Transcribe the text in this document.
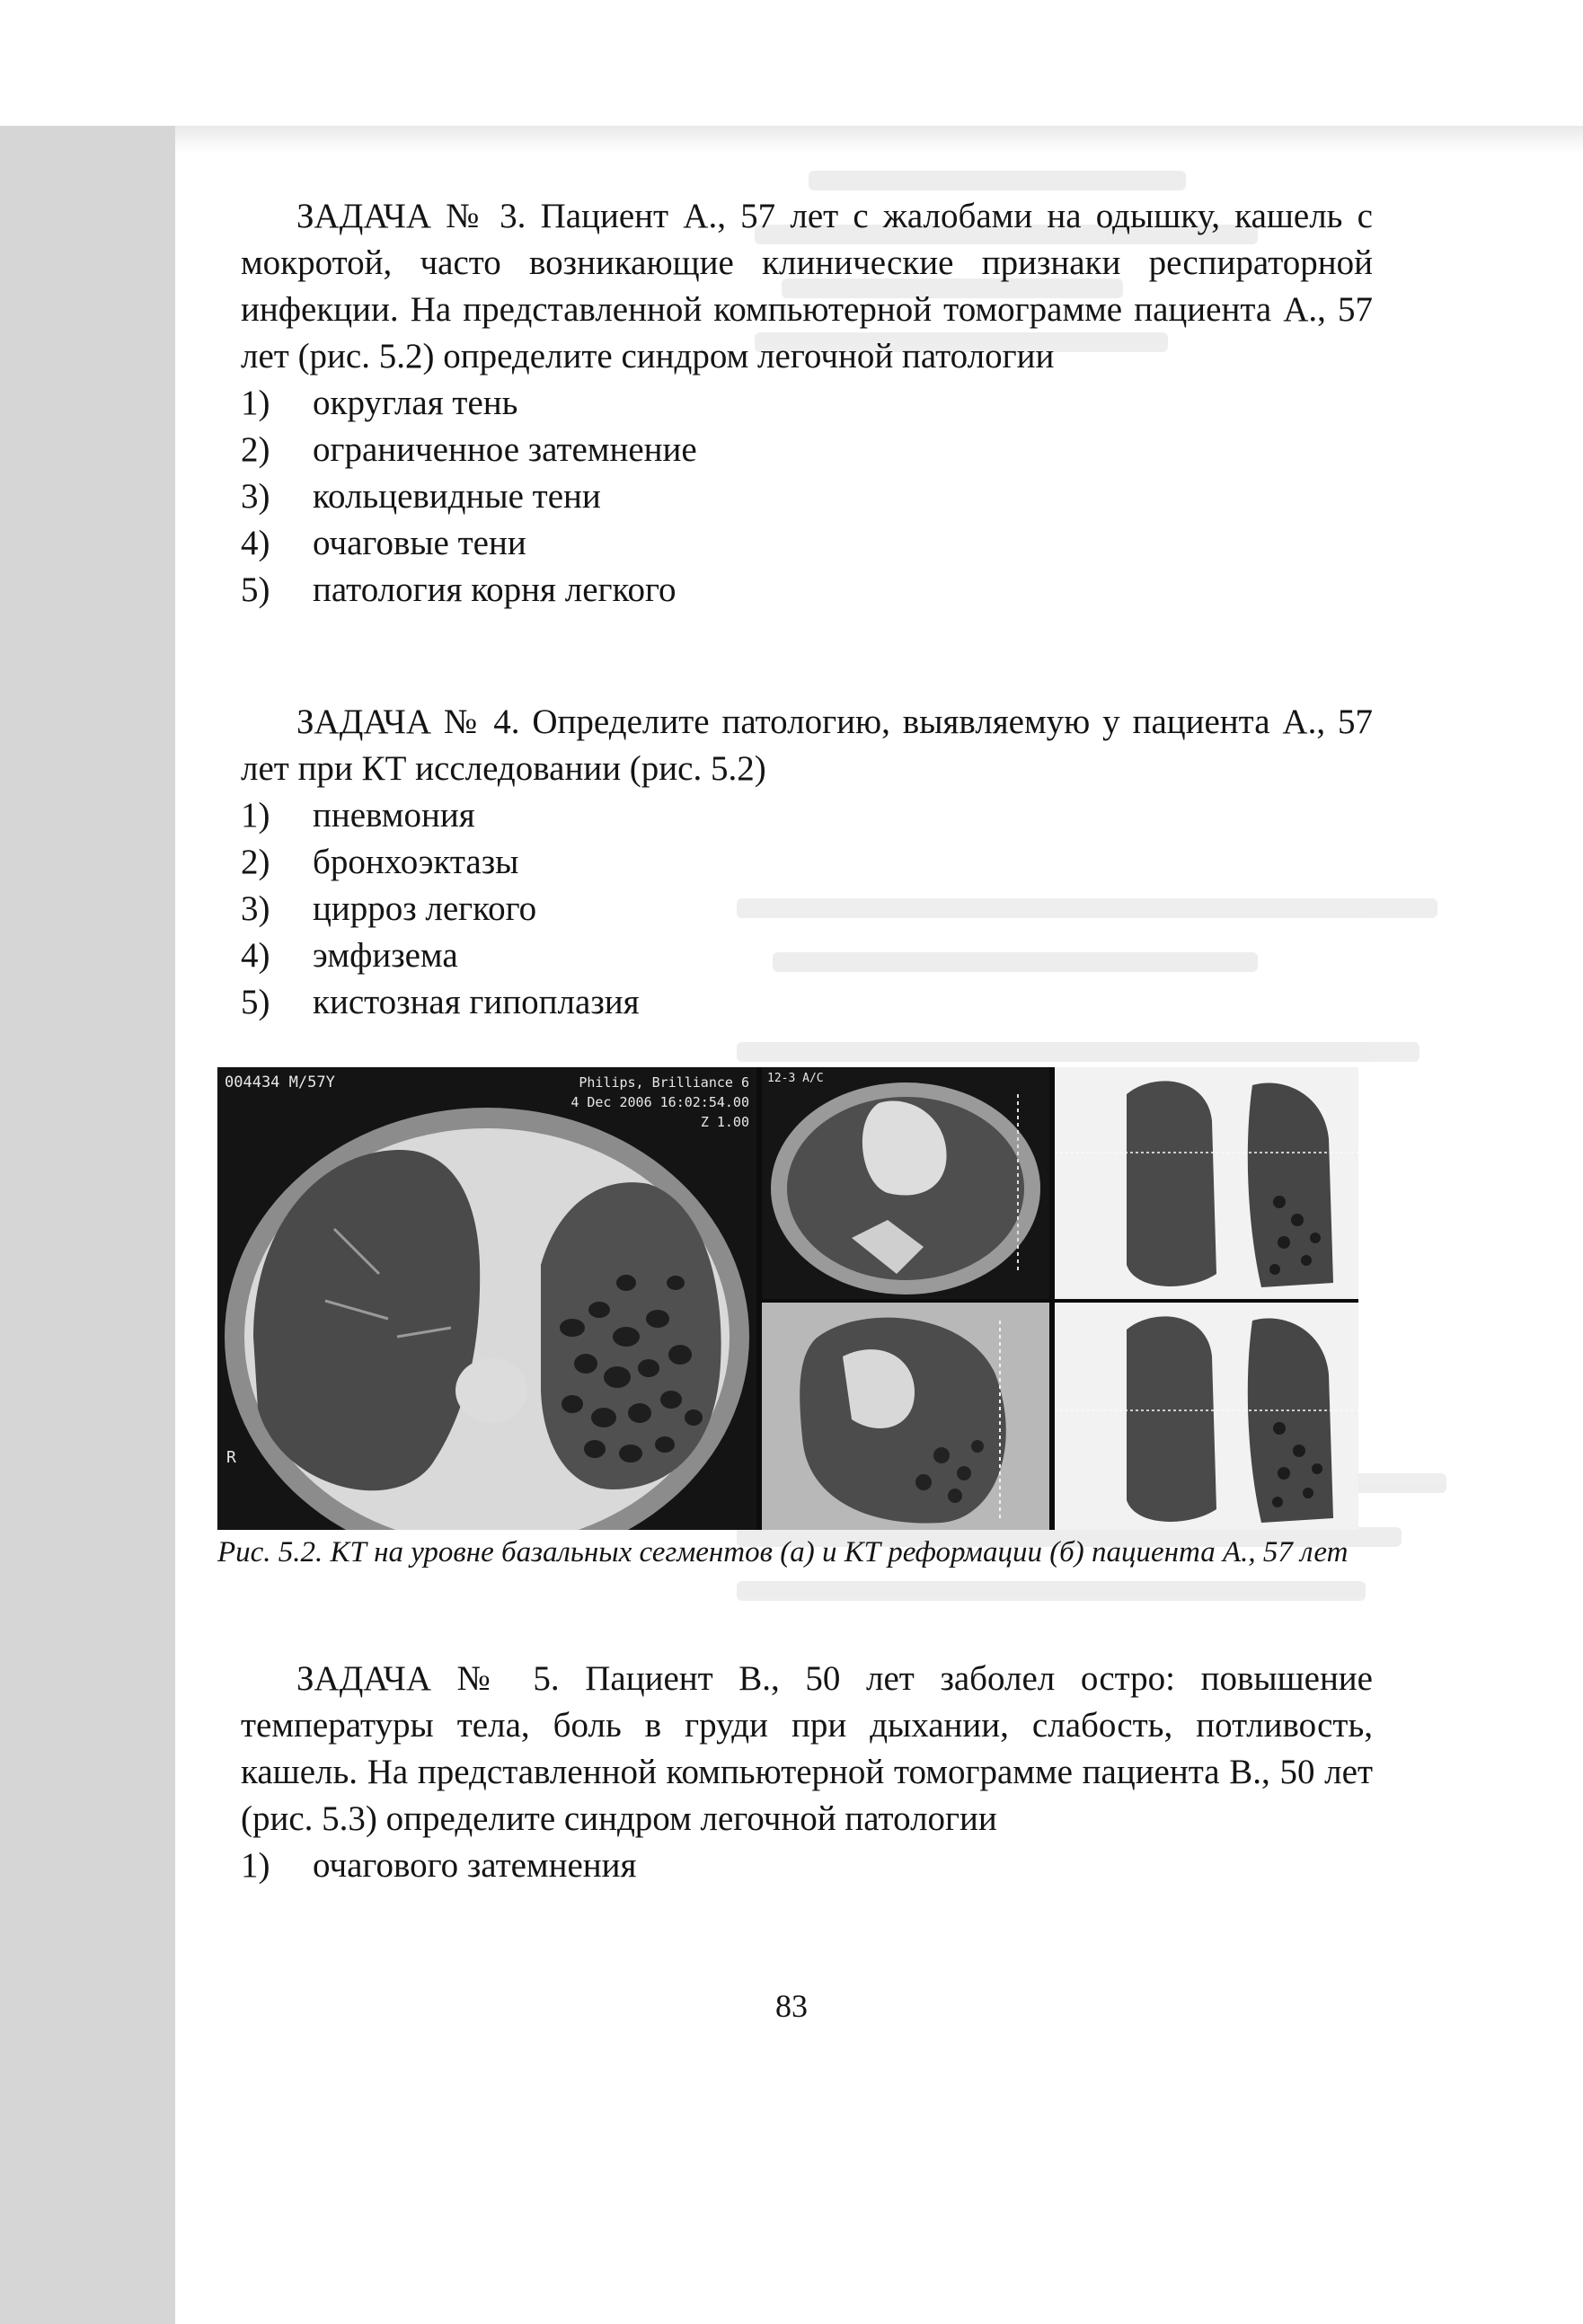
ЗАДАЧА № 3. Пациент А., 57 лет с жалобами на одышку, кашель с мокротой, часто возникающие клинические признаки респираторной инфекции. На представленной компьютерной томограмме пациента А., 57 лет (рис. 5.2) определите синдром легочной патологии

1)	округлая тень
2)	ограниченное затемнение
3)	кольцевидные тени
4)	очаговые тени
5)	патология корня легкого

ЗАДАЧА № 4. Определите патологию, выявляемую у пациента А., 57 лет при КТ исследовании (рис. 5.2)

1)	пневмония
2)	бронхоэктазы
3)	цирроз легкого
4)	эмфизема
5)	кистозная гипоплазия
004434 M/57Y	Philips, Brilliance 6
4 Dec 2006 16:02:54.00
Z 1.00
R
12-3 A/C
Рис. 5.2. КТ на уровне базальных сегментов (а) и КТ реформации (б) пациента А., 57 лет

ЗАДАЧА № 5. Пациент В., 50 лет заболел остро: повышение температуры тела, боль в груди при дыхании, слабость, потливость, кашель. На представленной компьютерной томограмме пациента В., 50 лет (рис. 5.3) определите синдром легочной патологии

1)	очагового затемнения
83
